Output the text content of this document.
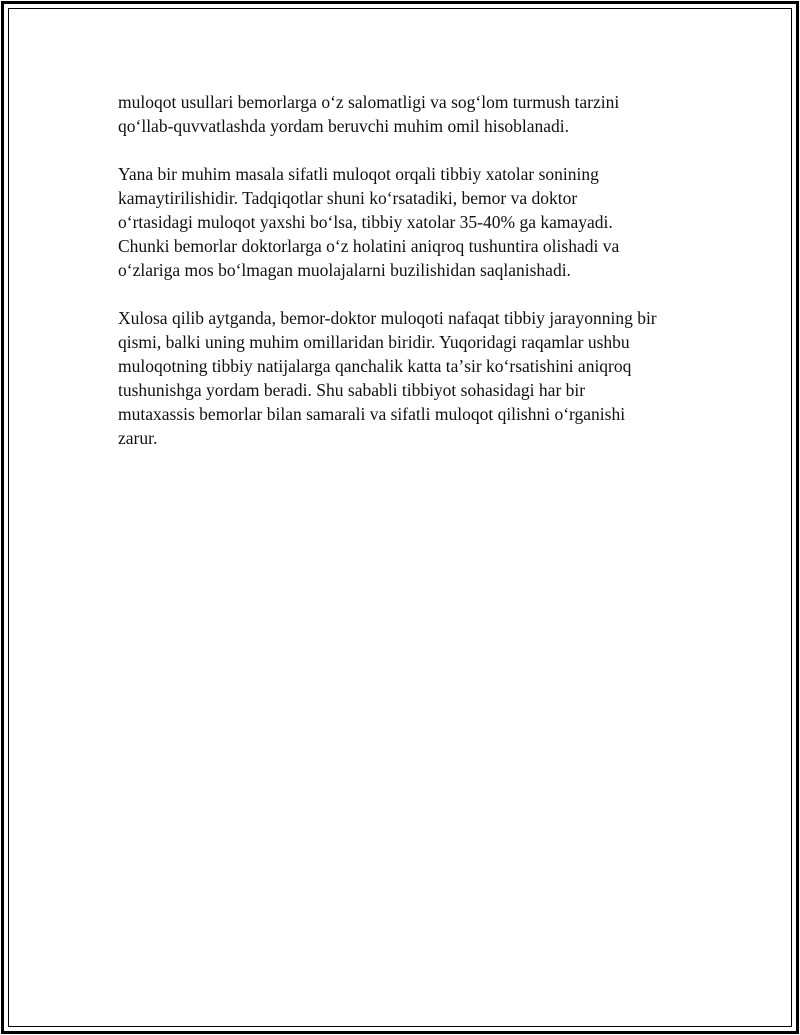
muloqot usullari bemorlarga oʻz salomatligi va sogʻlom turmush tarzini
qoʻllab-quvvatlashda yordam beruvchi muhim omil hisoblanadi.

Yana bir muhim masala sifatli muloqot orqali tibbiy xatolar sonining
kamaytirilishidir. Tadqiqotlar shuni koʻrsatadiki, bemor va doktor
oʻrtasidagi muloqot yaxshi boʻlsa, tibbiy xatolar 35-40% ga kamayadi.
Chunki bemorlar doktorlarga oʻz holatini aniqroq tushuntira olishadi va
oʻzlariga mos boʻlmagan muolajalarni buzilishidan saqlanishadi.

Xulosa qilib aytganda, bemor-doktor muloqoti nafaqat tibbiy jarayonning bir
qismi, balki uning muhim omillaridan biridir. Yuqoridagi raqamlar ushbu
muloqotning tibbiy natijalarga qanchalik katta taʼsir koʻrsatishini aniqroq
tushunishga yordam beradi. Shu sababli tibbiyot sohasidagi har bir
mutaxassis bemorlar bilan samarali va sifatli muloqot qilishni oʻrganishi
zarur.
